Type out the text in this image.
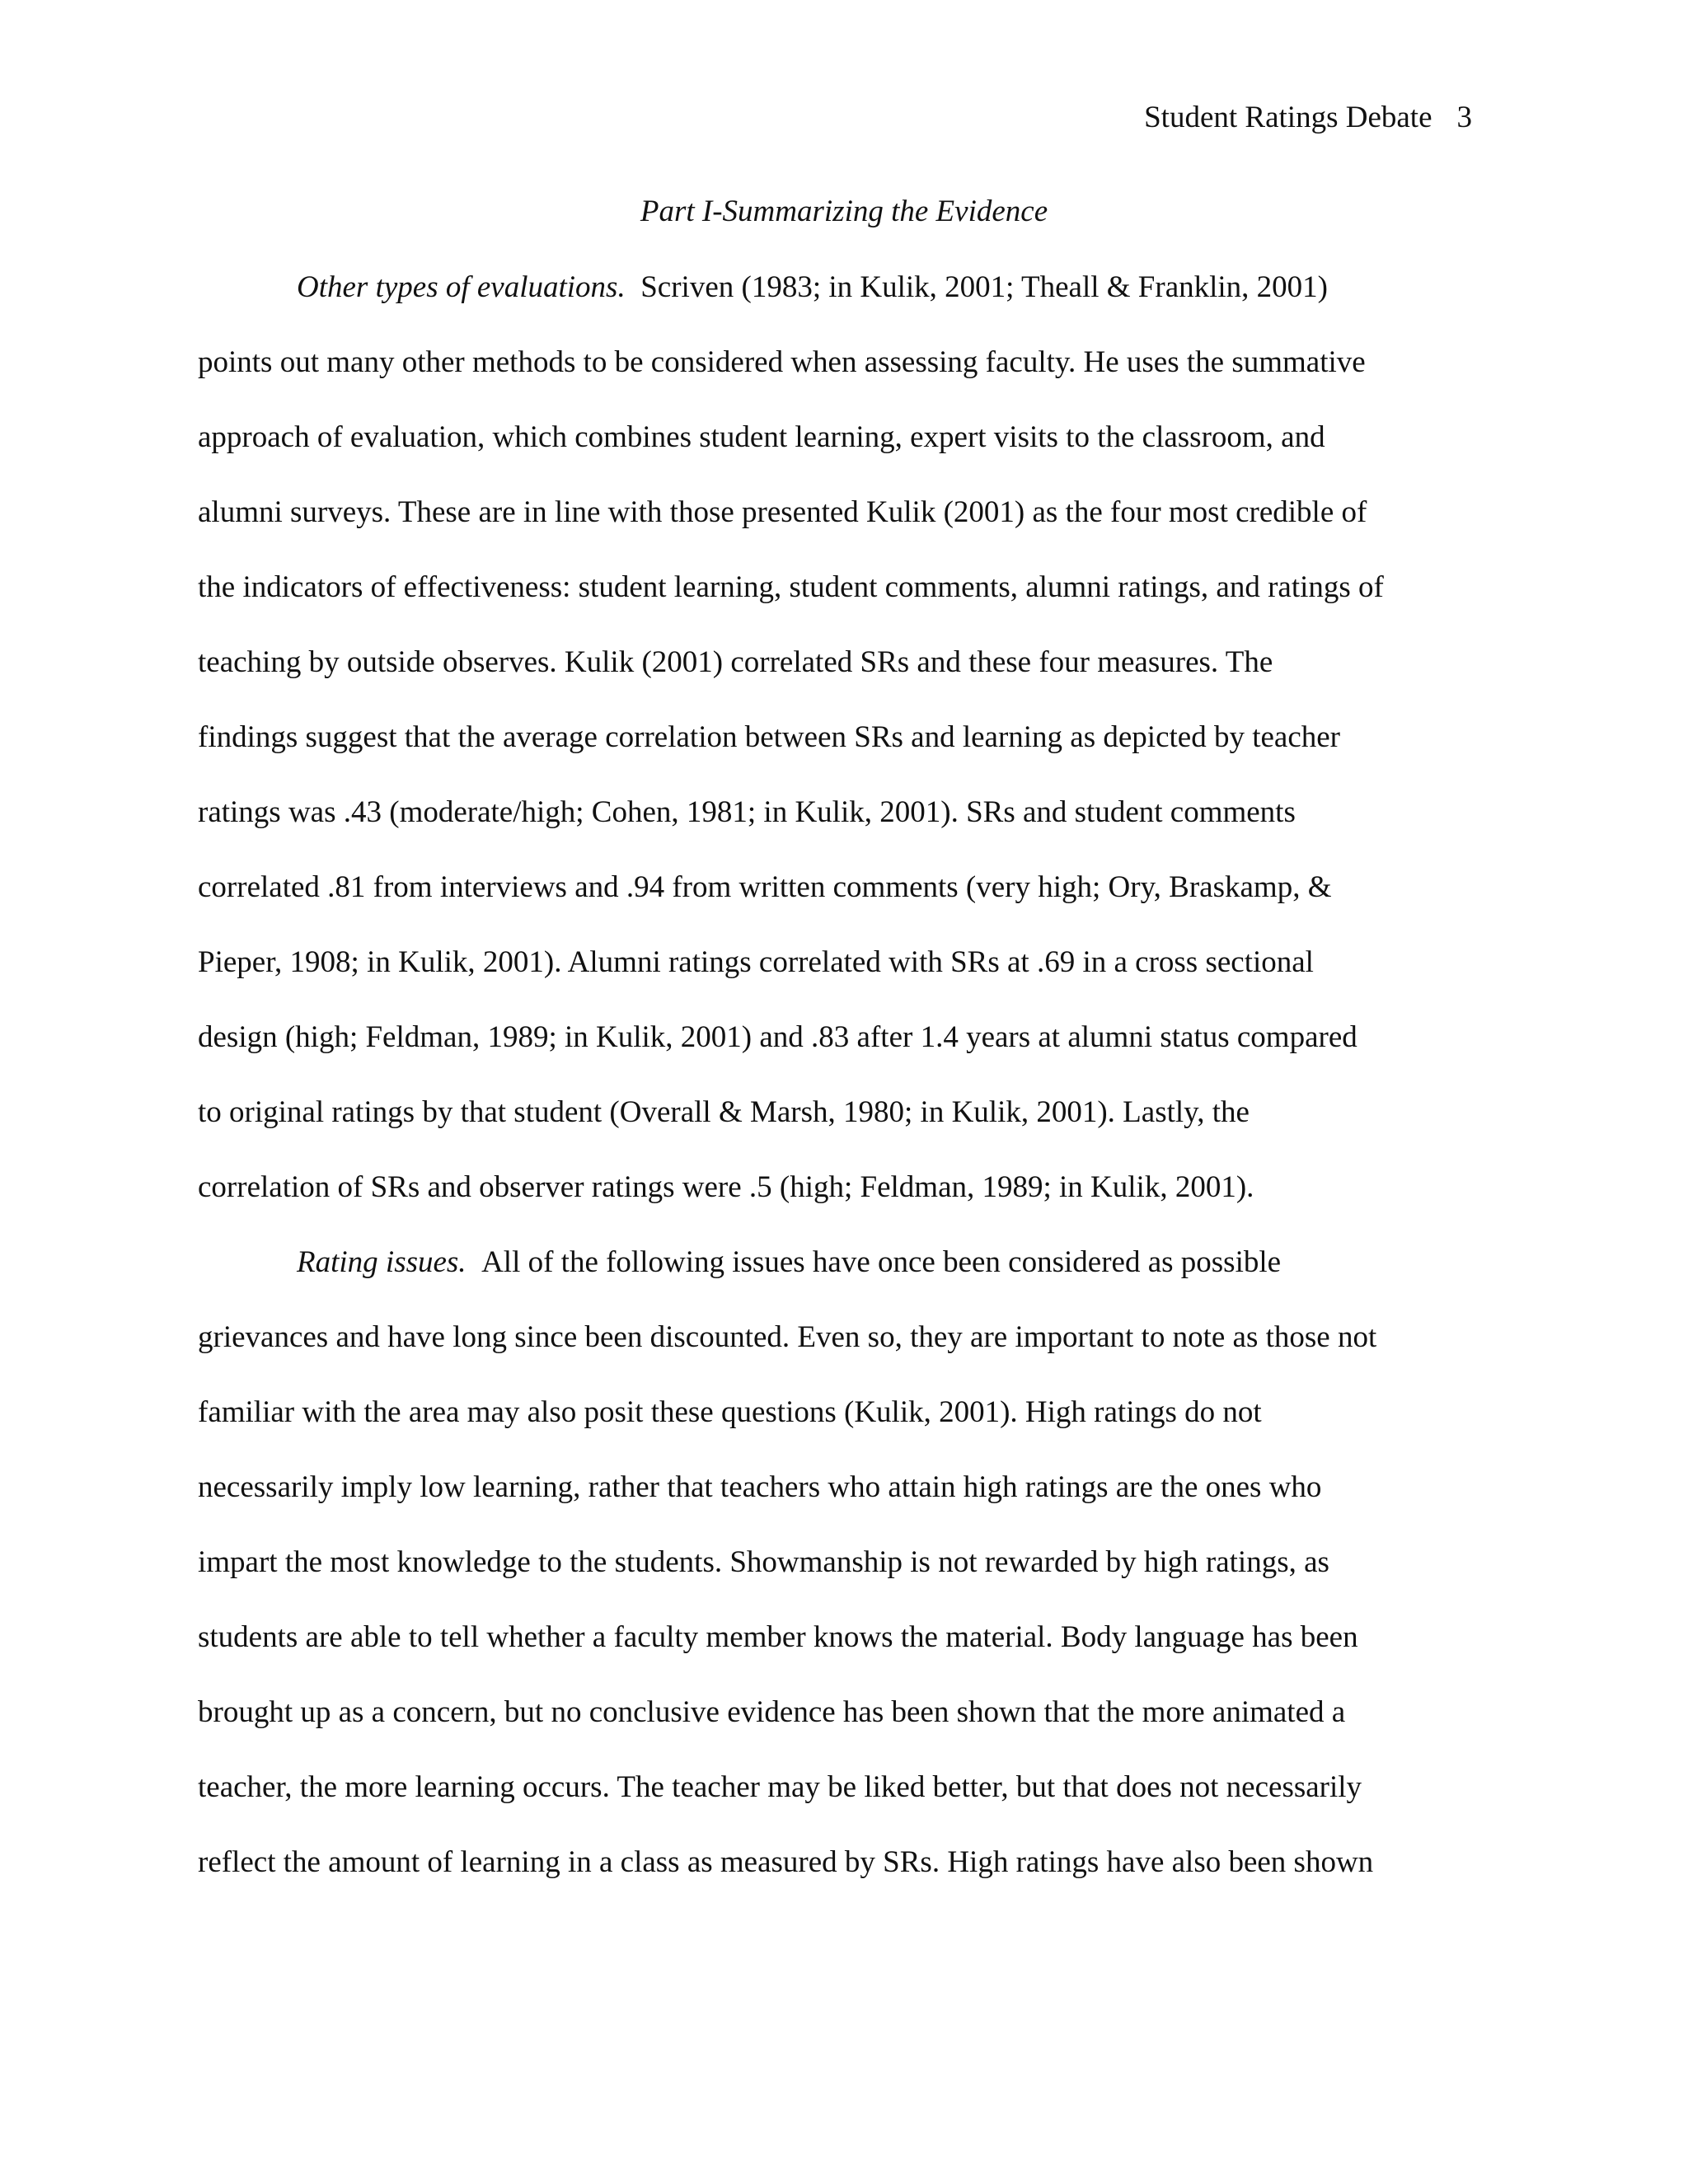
Student Ratings Debate 3
Part I-Summarizing the Evidence
Other types of evaluations. Scriven (1983; in Kulik, 2001; Theall & Franklin, 2001)
points out many other methods to be considered when assessing faculty. He uses the summative
approach of evaluation, which combines student learning, expert visits to the classroom, and
alumni surveys. These are in line with those presented Kulik (2001) as the four most credible of
the indicators of effectiveness: student learning, student comments, alumni ratings, and ratings of
teaching by outside observes. Kulik (2001) correlated SRs and these four measures. The
findings suggest that the average correlation between SRs and learning as depicted by teacher
ratings was .43 (moderate/high; Cohen, 1981; in Kulik, 2001). SRs and student comments
correlated .81 from interviews and .94 from written comments (very high; Ory, Braskamp, &
Pieper, 1908; in Kulik, 2001). Alumni ratings correlated with SRs at .69 in a cross sectional
design (high; Feldman, 1989; in Kulik, 2001) and .83 after 1.4 years at alumni status compared
to original ratings by that student (Overall & Marsh, 1980; in Kulik, 2001). Lastly, the
correlation of SRs and observer ratings were .5 (high; Feldman, 1989; in Kulik, 2001).
Rating issues. All of the following issues have once been considered as possible
grievances and have long since been discounted. Even so, they are important to note as those not
familiar with the area may also posit these questions (Kulik, 2001). High ratings do not
necessarily imply low learning, rather that teachers who attain high ratings are the ones who
impart the most knowledge to the students. Showmanship is not rewarded by high ratings, as
students are able to tell whether a faculty member knows the material. Body language has been
brought up as a concern, but no conclusive evidence has been shown that the more animated a
teacher, the more learning occurs. The teacher may be liked better, but that does not necessarily
reflect the amount of learning in a class as measured by SRs. High ratings have also been shown
